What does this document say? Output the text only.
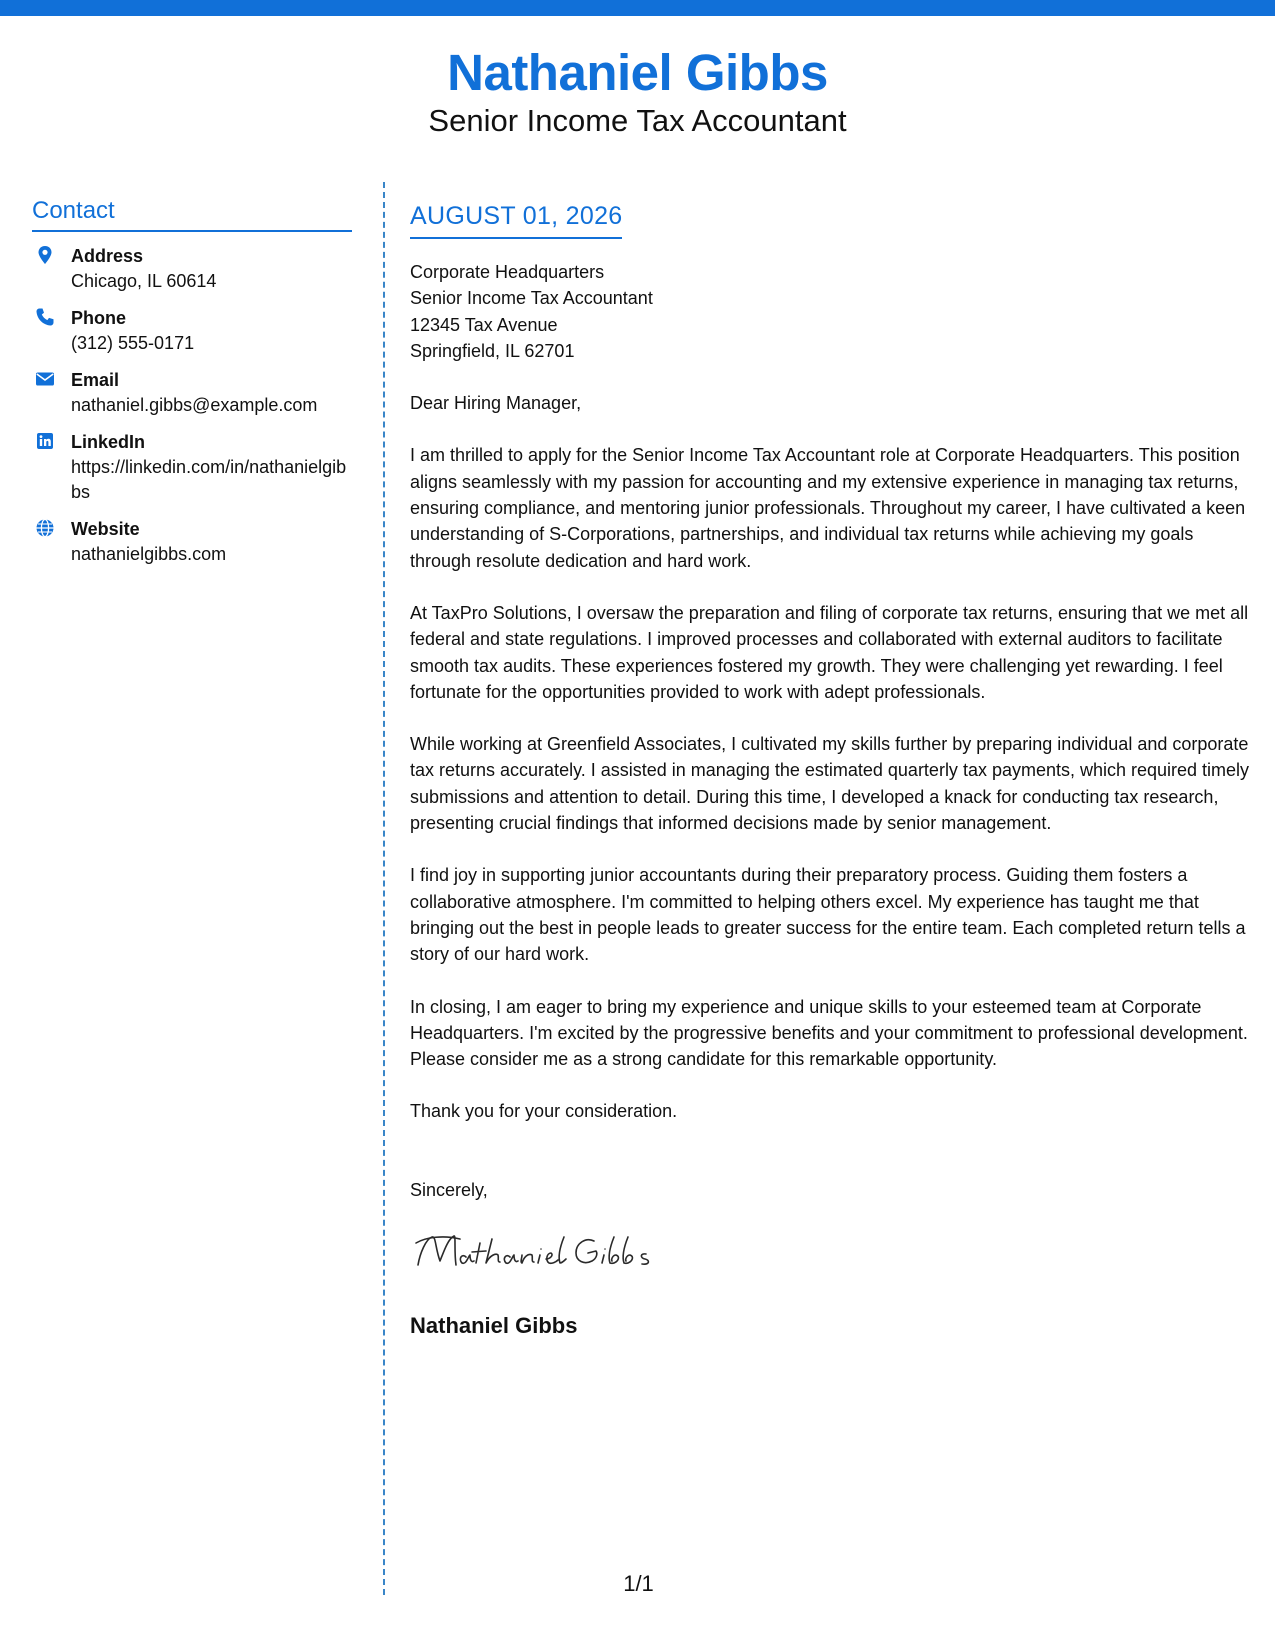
Nathaniel Gibbs
Senior Income Tax Accountant
Contact
Address
Chicago, IL 60614
Phone
(312) 555-0171
Email
nathaniel.gibbs@example.com
LinkedIn
https://linkedin.com/in/nathanielgibbs
Website
nathanielgibbs.com
AUGUST 01, 2026
Corporate Headquarters
Senior Income Tax Accountant
12345 Tax Avenue
Springfield, IL 62701
Dear Hiring Manager,

I am thrilled to apply for the Senior Income Tax Accountant role at Corporate Headquarters. This position aligns seamlessly with my passion for accounting and my extensive experience in managing tax returns, ensuring compliance, and mentoring junior professionals. Throughout my career, I have cultivated a keen understanding of S-Corporations, partnerships, and individual tax returns while achieving my goals through resolute dedication and hard work.

At TaxPro Solutions, I oversaw the preparation and filing of corporate tax returns, ensuring that we met all federal and state regulations. I improved processes and collaborated with external auditors to facilitate smooth tax audits. These experiences fostered my growth. They were challenging yet rewarding. I feel fortunate for the opportunities provided to work with adept professionals.

While working at Greenfield Associates, I cultivated my skills further by preparing individual and corporate tax returns accurately. I assisted in managing the estimated quarterly tax payments, which required timely submissions and attention to detail. During this time, I developed a knack for conducting tax research, presenting crucial findings that informed decisions made by senior management.

I find joy in supporting junior accountants during their preparatory process. Guiding them fosters a collaborative atmosphere. I'm committed to helping others excel. My experience has taught me that bringing out the best in people leads to greater success for the entire team. Each completed return tells a story of our hard work.

In closing, I am eager to bring my experience and unique skills to your esteemed team at Corporate Headquarters. I'm excited by the progressive benefits and your commitment to professional development. Please consider me as a strong candidate for this remarkable opportunity.

Thank you for your consideration.

Sincerely,
Nathaniel Gibbs
1/1
